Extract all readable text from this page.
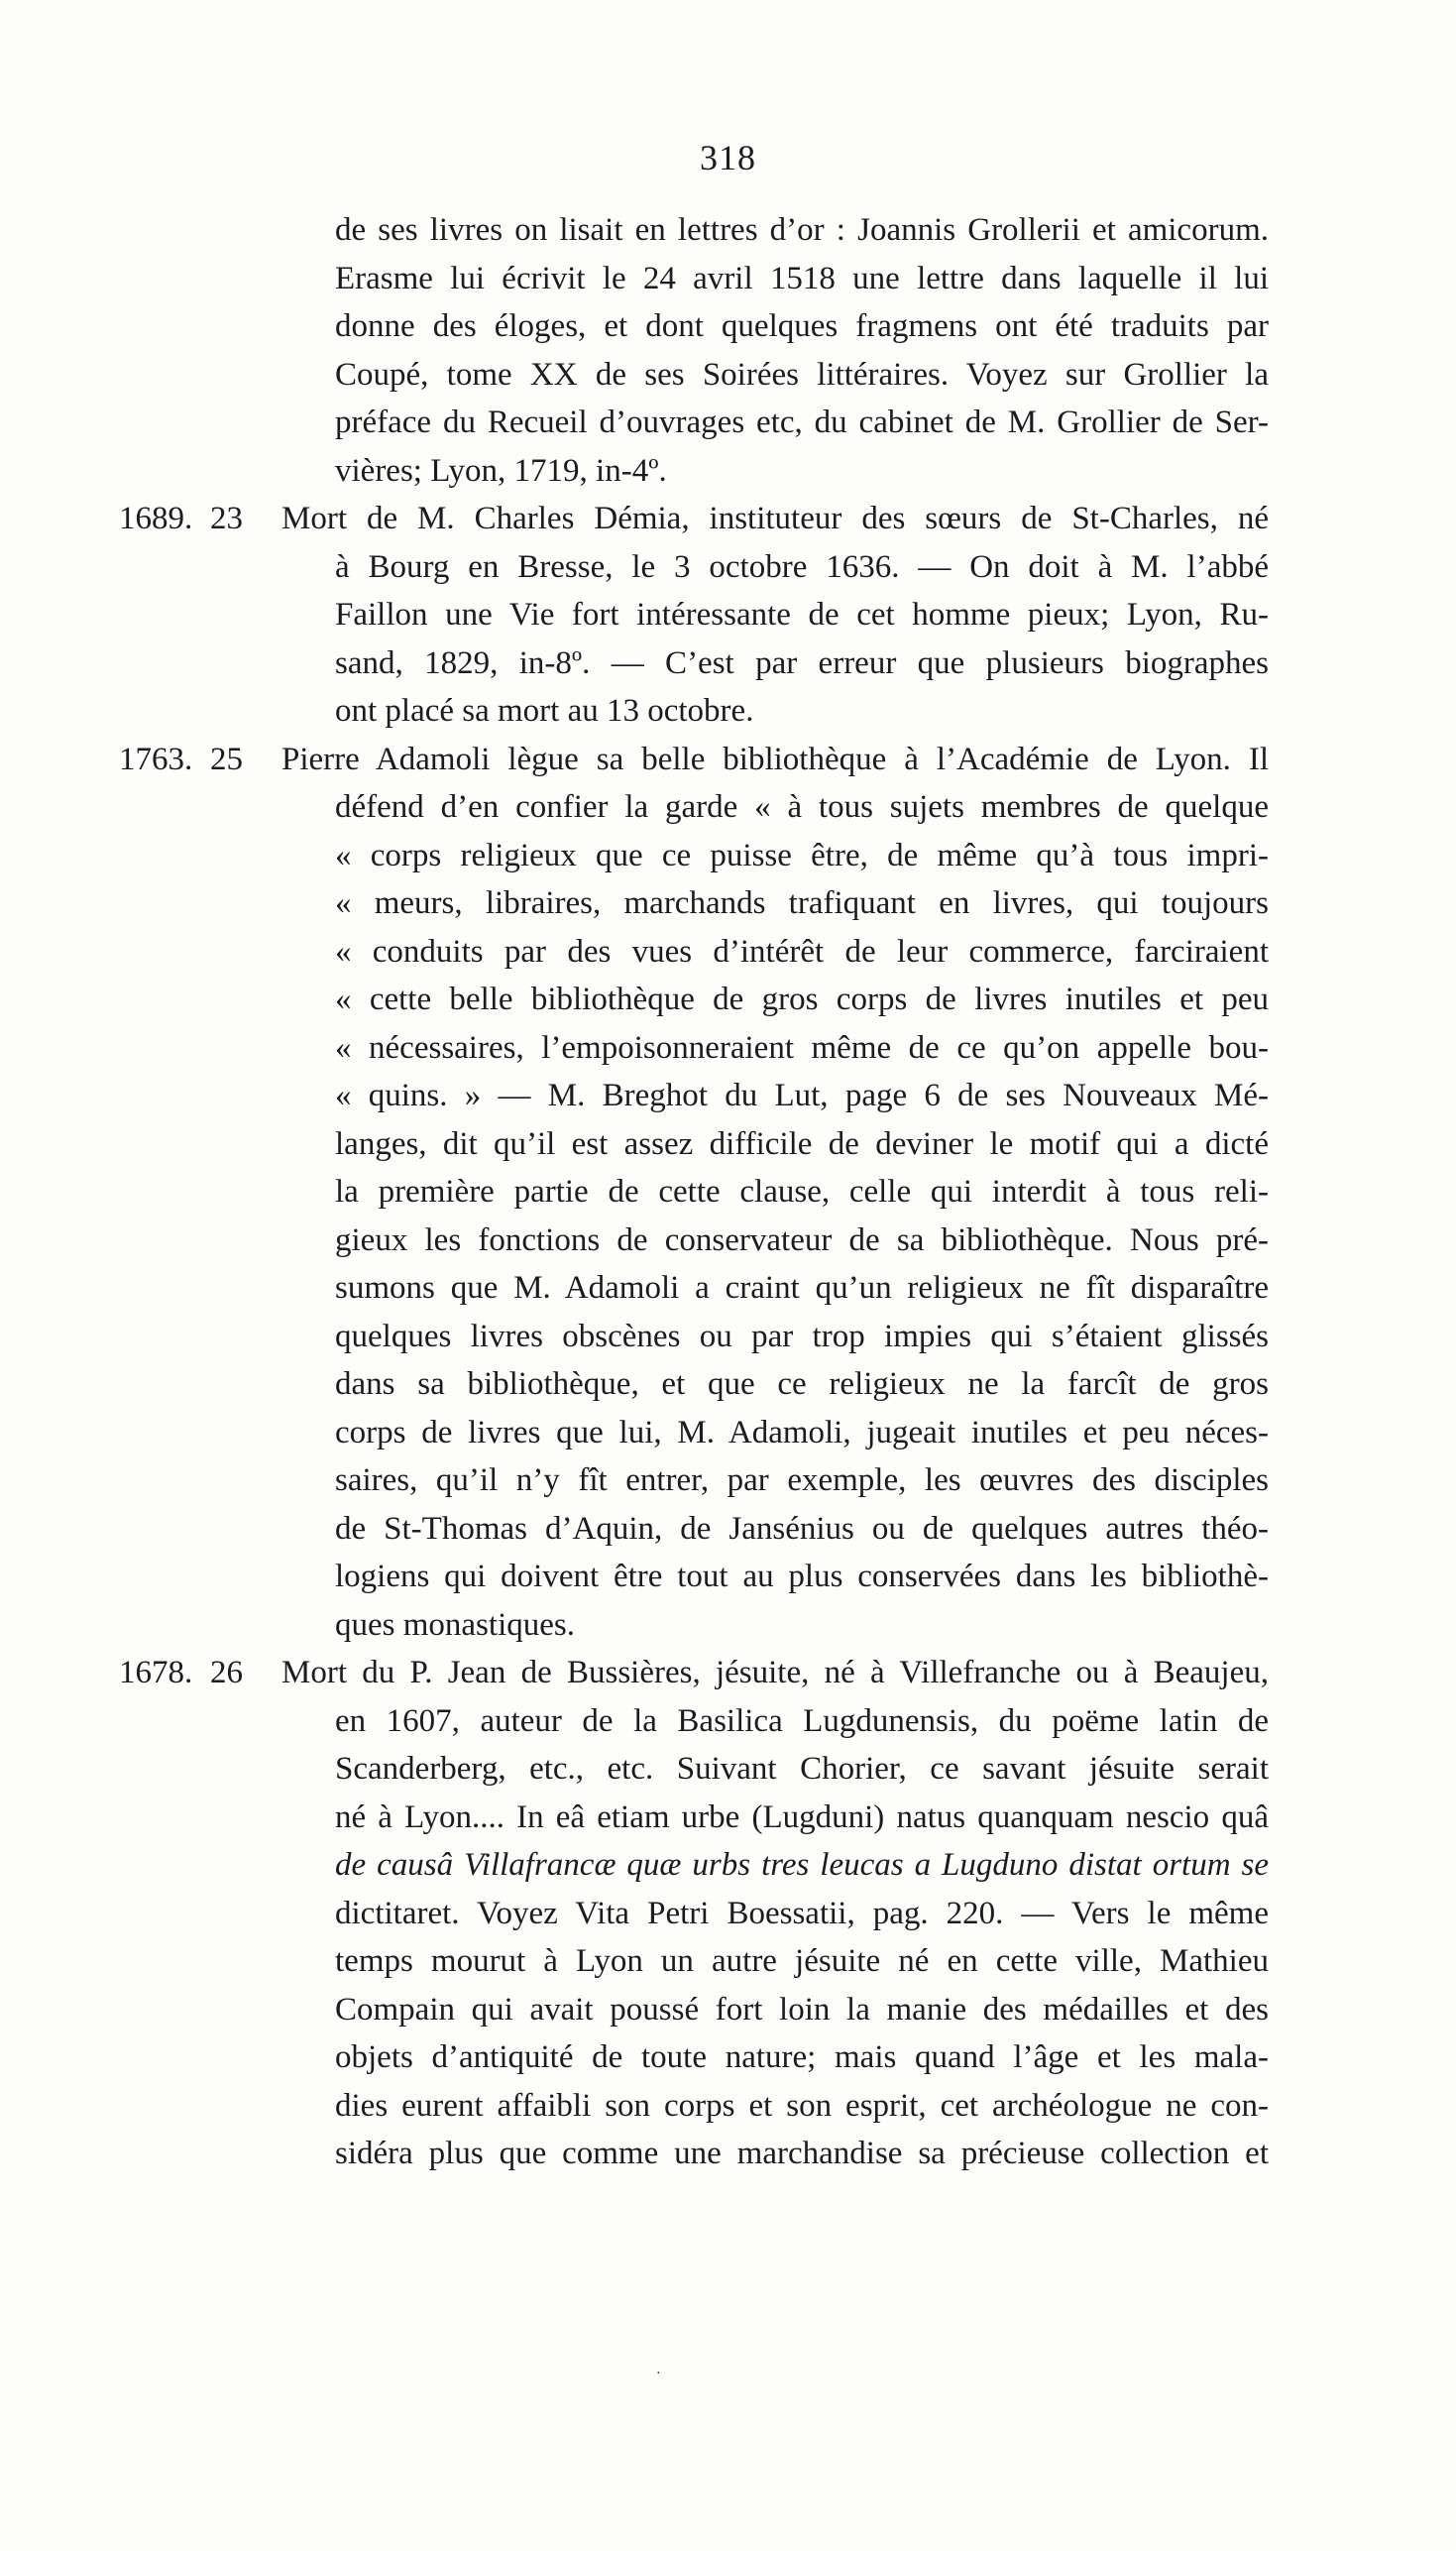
318
de ses livres on lisait en lettres d’or : Joannis Grollerii et amicorum.
Erasme lui écrivit le 24 avril 1518 une lettre dans laquelle il lui
donne des éloges, et dont quelques fragmens ont été traduits par
Coupé, tome XX de ses Soirées littéraires. Voyez sur Grollier la
préface du Recueil d’ouvrages etc, du cabinet de M. Grollier de Ser-
vières; Lyon, 1719, in-4º.
1689. 23	Mort de M. Charles Démia, instituteur des sœurs de St-Charles, né
à Bourg en Bresse, le 3 octobre 1636. — On doit à M. l’abbé
Faillon une Vie fort intéressante de cet homme pieux; Lyon, Ru-
sand, 1829, in-8º. — C’est par erreur que plusieurs biographes
ont placé sa mort au 13 octobre.
1763. 25	Pierre Adamoli lègue sa belle bibliothèque à l’Académie de Lyon. Il
défend d’en confier la garde « à tous sujets membres de quelque
« corps religieux que ce puisse être, de même qu’à tous impri-
« meurs, libraires, marchands trafiquant en livres, qui toujours
« conduits par des vues d’intérêt de leur commerce, farciraient
« cette belle bibliothèque de gros corps de livres inutiles et peu
« nécessaires, l’empoisonneraient même de ce qu’on appelle bou-
« quins. » — M. Breghot du Lut, page 6 de ses Nouveaux Mé-
langes, dit qu’il est assez difficile de deviner le motif qui a dicté
la première partie de cette clause, celle qui interdit à tous reli-
gieux les fonctions de conservateur de sa bibliothèque. Nous pré-
sumons que M. Adamoli a craint qu’un religieux ne fît disparaître
quelques livres obscènes ou par trop impies qui s’étaient glissés
dans sa bibliothèque, et que ce religieux ne la farcît de gros
corps de livres que lui, M. Adamoli, jugeait inutiles et peu néces-
saires, qu’il n’y fît entrer, par exemple, les œuvres des disciples
de St-Thomas d’Aquin, de Jansénius ou de quelques autres théo-
logiens qui doivent être tout au plus conservées dans les bibliothè-
ques monastiques.
1678. 26	Mort du P. Jean de Bussières, jésuite, né à Villefranche ou à Beaujeu,
en 1607, auteur de la Basilica Lugdunensis, du poëme latin de
Scanderberg, etc., etc. Suivant Chorier, ce savant jésuite serait
né à Lyon.... In eâ etiam urbe (Lugduni) natus quanquam nescio quâ
de causâ Villafrancæ quæ urbs tres leucas a Lugduno distat ortum se
dictitaret. Voyez Vita Petri Boessatii, pag. 220. — Vers le même
temps mourut à Lyon un autre jésuite né en cette ville, Mathieu
Compain qui avait poussé fort loin la manie des médailles et des
objets d’antiquité de toute nature; mais quand l’âge et les mala-
dies eurent affaibli son corps et son esprit, cet archéologue ne con-
sidéra plus que comme une marchandise sa précieuse collection et
․
